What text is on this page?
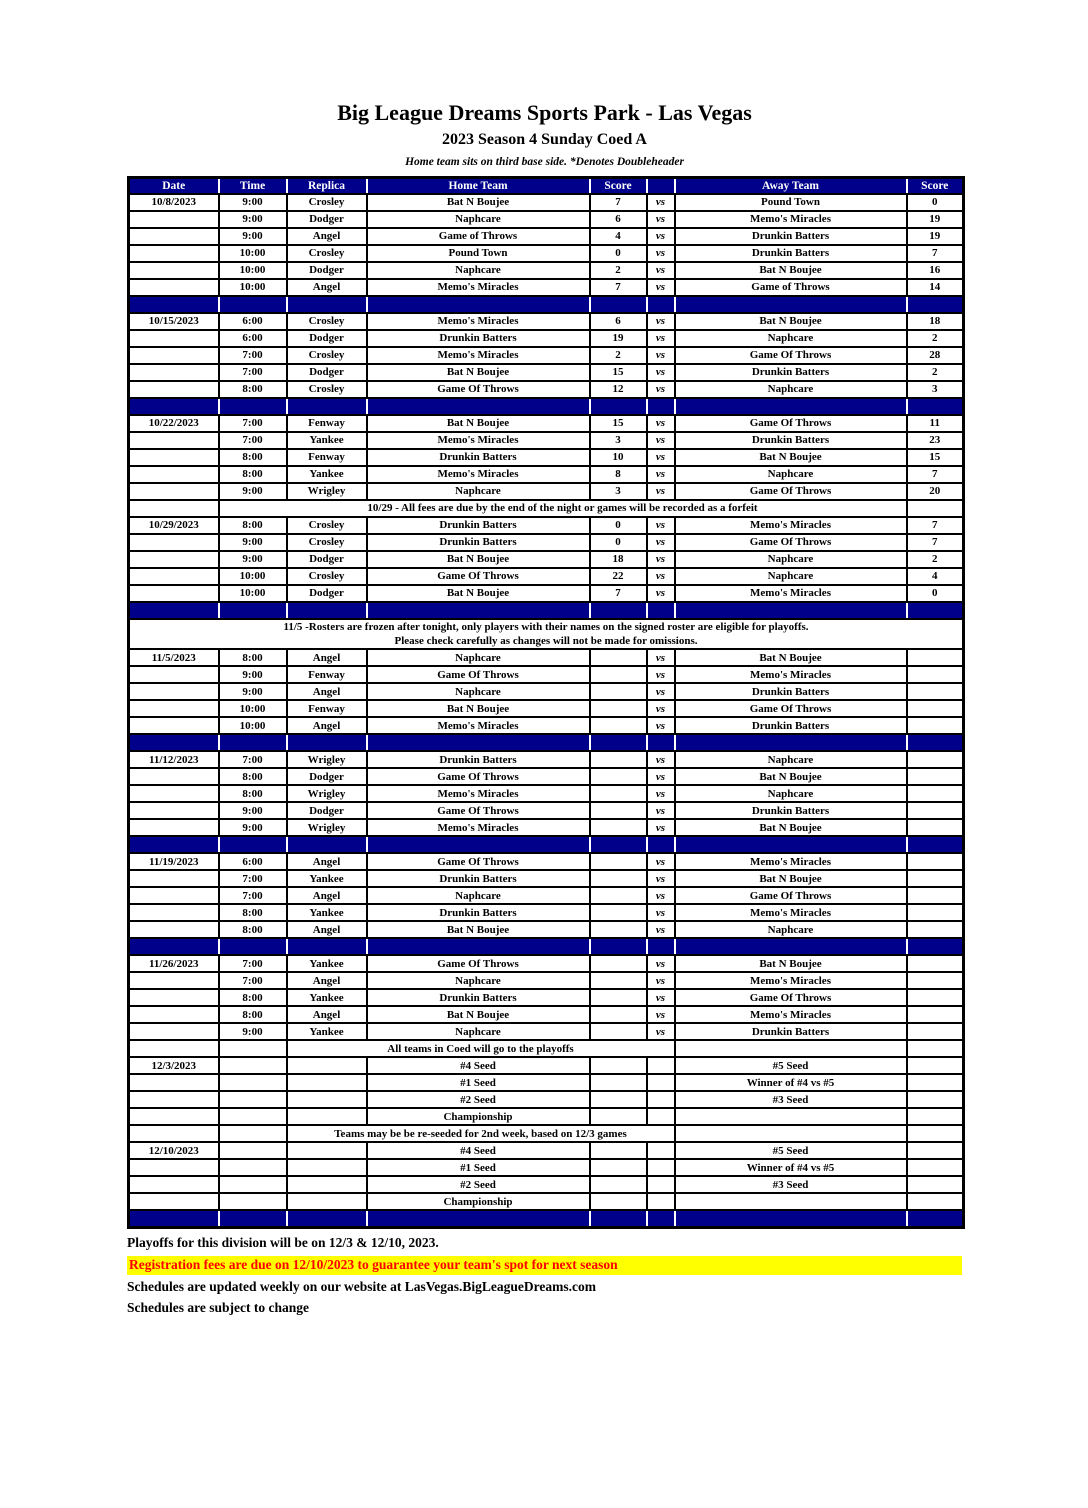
Big League Dreams Sports Park - Las Vegas
2023 Season 4 Sunday Coed A
Home team sits on third base side. *Denotes Doubleheader
Date	Time	Replica	Home Team	Score		Away Team	Score
10/8/2023	9:00	Crosley	Bat N Boujee	7	vs	Pound Town	0
	9:00	Dodger	Naphcare	6	vs	Memo's Miracles	19
	9:00	Angel	Game of Throws	4	vs	Drunkin Batters	19
	10:00	Crosley	Pound Town	0	vs	Drunkin Batters	7
	10:00	Dodger	Naphcare	2	vs	Bat N Boujee	16
	10:00	Angel	Memo's Miracles	7	vs	Game of Throws	14

10/15/2023	6:00	Crosley	Memo's Miracles	6	vs	Bat N Boujee	18
	6:00	Dodger	Drunkin Batters	19	vs	Naphcare	2
	7:00	Crosley	Memo's Miracles	2	vs	Game Of Throws	28
	7:00	Dodger	Bat N Boujee	15	vs	Drunkin Batters	2
	8:00	Crosley	Game Of Throws	12	vs	Naphcare	3

10/22/2023	7:00	Fenway	Bat N Boujee	15	vs	Game Of Throws	11
	7:00	Yankee	Memo's Miracles	3	vs	Drunkin Batters	23
	8:00	Fenway	Drunkin Batters	10	vs	Bat N Boujee	15
	8:00	Yankee	Memo's Miracles	8	vs	Naphcare	7
	9:00	Wrigley	Naphcare	3	vs	Game Of Throws	20
	10/29 - All fees are due by the end of the night or games will be recorded as a forfeit						
10/29/2023	8:00	Crosley	Drunkin Batters	0	vs	Memo's Miracles	7
	9:00	Crosley	Drunkin Batters	0	vs	Game Of Throws	7
	9:00	Dodger	Bat N Boujee	18	vs	Naphcare	2
	10:00	Crosley	Game Of Throws	22	vs	Naphcare	4
	10:00	Dodger	Bat N Boujee	7	vs	Memo's Miracles	0

11/5 -Rosters are frozen after tonight, only players with their names on the signed roster are eligible for playoffs.
Please check carefully as changes will not be made for omissions.							

11/5/2023	8:00	Angel	Naphcare		vs	Bat N Boujee	
	9:00	Fenway	Game Of Throws		vs	Memo's Miracles	
	9:00	Angel	Naphcare		vs	Drunkin Batters	
	10:00	Fenway	Bat N Boujee		vs	Game Of Throws	
	10:00	Angel	Memo's Miracles		vs	Drunkin Batters	

11/12/2023	7:00	Wrigley	Drunkin Batters		vs	Naphcare	
	8:00	Dodger	Game Of Throws		vs	Bat N Boujee	
	8:00	Wrigley	Memo's Miracles		vs	Naphcare	
	9:00	Dodger	Game Of Throws		vs	Drunkin Batters	
	9:00	Wrigley	Memo's Miracles		vs	Bat N Boujee	

11/19/2023	6:00	Angel	Game Of Throws		vs	Memo's Miracles	
	7:00	Yankee	Drunkin Batters		vs	Bat N Boujee	
	7:00	Angel	Naphcare		vs	Game Of Throws	
	8:00	Yankee	Drunkin Batters		vs	Memo's Miracles	
	8:00	Angel	Bat N Boujee		vs	Naphcare	

11/26/2023	7:00	Yankee	Game Of Throws		vs	Bat N Boujee	
	7:00	Angel	Naphcare		vs	Memo's Miracles	
	8:00	Yankee	Drunkin Batters		vs	Game Of Throws	
	8:00	Angel	Bat N Boujee		vs	Memo's Miracles	
	9:00	Yankee	Naphcare		vs	Drunkin Batters	
		All teams in Coed will go to the playoffs					
12/3/2023			#4 Seed			#5 Seed	
			#1 Seed			Winner of #4 vs #5	
			#2 Seed			#3 Seed	
			Championship				
		Teams may be be re-seeded for 2nd week, based on 12/3 games					
12/10/2023			#4 Seed			#5 Seed	
			#1 Seed			Winner of #4 vs #5	
			#2 Seed			#3 Seed	
			Championship				

Playoffs for this division will be on 12/3 & 12/10, 2023.
Registration fees are due on 12/10/2023 to guarantee your team's spot for next season
Schedules are updated weekly on our website at LasVegas.BigLeagueDreams.com
Schedules are subject to change
